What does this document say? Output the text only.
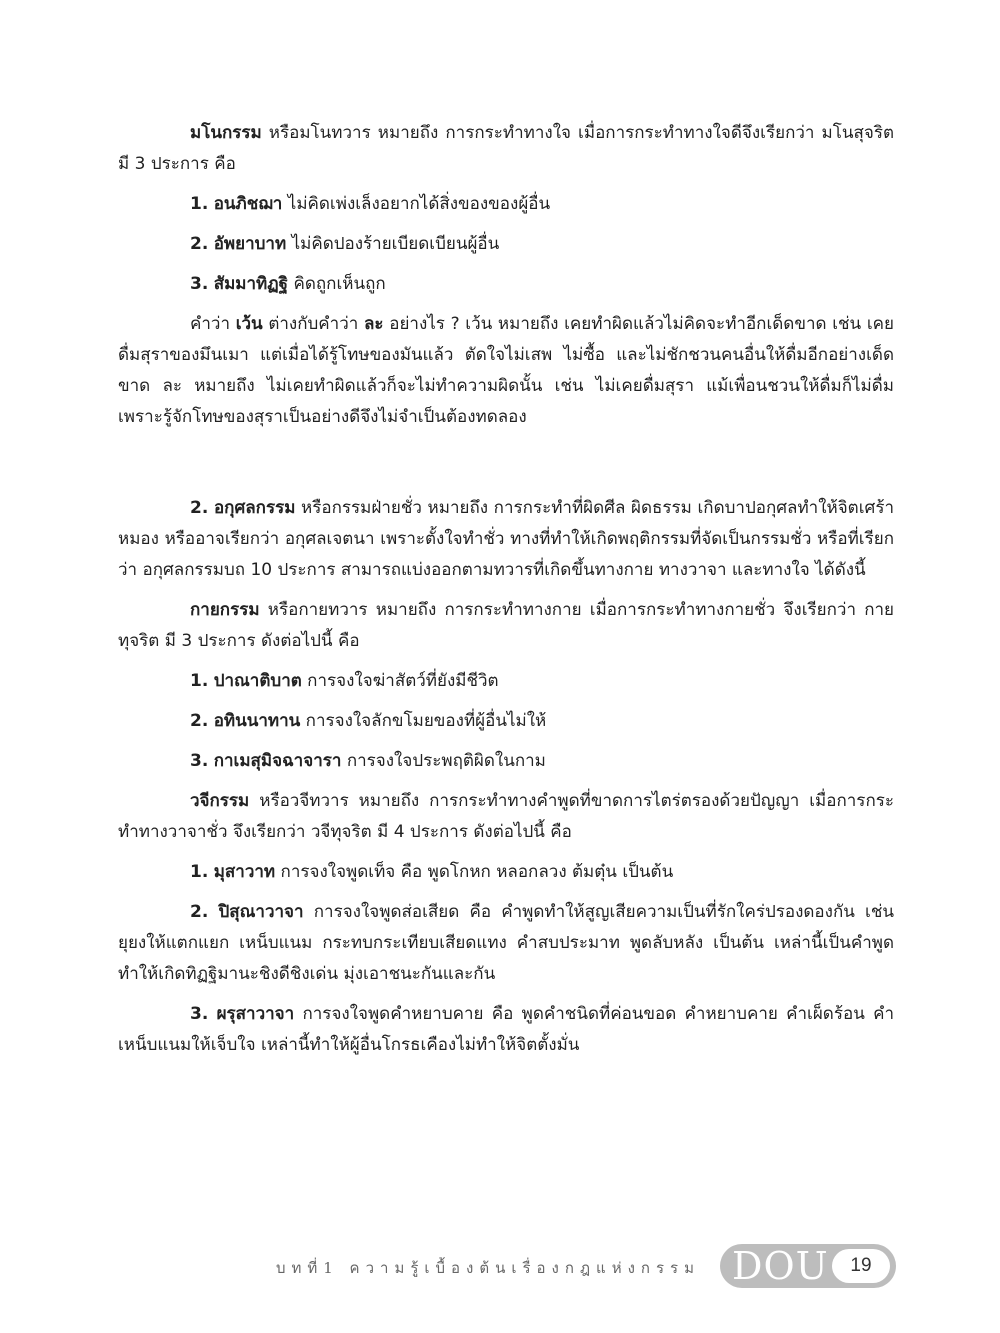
มโนกรรม หรือมโนทวาร หมายถึง การกระทำทางใจ เมื่อการกระทำทางใจดีจึงเรียกว่า มโนสุจริต มี 3 ประการ คือ

1. อนภิชฌา ไม่คิดเพ่งเล็งอยากได้สิ่งของของผู้อื่น

2. อัพยาบาท ไม่คิดปองร้ายเบียดเบียนผู้อื่น

3. สัมมาทิฏฐิ คิดถูกเห็นถูก

คำว่า เว้น ต่างกับคำว่า ละ อย่างไร ? เว้น หมายถึง เคยทำผิดแล้วไม่คิดจะทำอีกเด็ดขาด เช่น เคยดื่มสุราของมึนเมา แต่เมื่อได้รู้โทษของมันแล้ว ตัดใจไม่เสพ ไม่ซื้อ และไม่ชักชวนคนอื่นให้ดื่มอีกอย่างเด็ดขาด ละ หมายถึง ไม่เคยทำผิดแล้วก็จะไม่ทำความผิดนั้น เช่น ไม่เคยดื่มสุรา แม้เพื่อนชวนให้ดื่มก็ไม่ดื่ม เพราะรู้จักโทษของสุราเป็นอย่างดีจึงไม่จำเป็นต้องทดลอง

2. อกุศลกรรม หรือกรรมฝ่ายชั่ว หมายถึง การกระทำที่ผิดศีล ผิดธรรม เกิดบาปอกุศลทำให้จิตเศร้าหมอง หรืออาจเรียกว่า อกุศลเจตนา เพราะตั้งใจทำชั่ว ทางที่ทำให้เกิดพฤติกรรมที่จัดเป็นกรรมชั่ว หรือที่เรียกว่า อกุศลกรรมบถ 10 ประการ สามารถแบ่งออกตามทวารที่เกิดขึ้นทางกาย ทางวาจา และทางใจ ได้ดังนี้

กายกรรม หรือกายทวาร หมายถึง การกระทำทางกาย เมื่อการกระทำทางกายชั่ว จึงเรียกว่า กายทุจริต มี 3 ประการ ดังต่อไปนี้ คือ

1. ปาณาติบาต การจงใจฆ่าสัตว์ที่ยังมีชีวิต

2. อทินนาทาน การจงใจลักขโมยของที่ผู้อื่นไม่ให้

3. กาเมสุมิจฉาจารา การจงใจประพฤติผิดในกาม

วจีกรรม หรือวจีทวาร หมายถึง การกระทำทางคำพูดที่ขาดการไตร่ตรองด้วยปัญญา เมื่อการกระทำทางวาจาชั่ว จึงเรียกว่า วจีทุจริต มี 4 ประการ ดังต่อไปนี้ คือ

1. มุสาวาท การจงใจพูดเท็จ คือ พูดโกหก หลอกลวง ต้มตุ๋น เป็นต้น

2. ปิสุณาวาจา การจงใจพูดส่อเสียด คือ คำพูดทำให้สูญเสียความเป็นที่รักใคร่ปรองดองกัน เช่น ยุยงให้แตกแยก เหน็บแนม กระทบกระเทียบเสียดแทง คำสบประมาท พูดลับหลัง เป็นต้น เหล่านี้เป็นคำพูดทำให้เกิดทิฏฐิมานะชิงดีชิงเด่น มุ่งเอาชนะกันและกัน

3. ผรุสาวาจา การจงใจพูดคำหยาบคาย คือ พูดคำชนิดที่ค่อนขอด คำหยาบคาย คำเผ็ดร้อน คำเหน็บแนมให้เจ็บใจ เหล่านี้ทำให้ผู้อื่นโกรธเคืองไม่ทำให้จิตตั้งมั่น

บทที่1 ความรู้เบื้องต้นเรื่องกฎแห่งกรรม DOU	19
